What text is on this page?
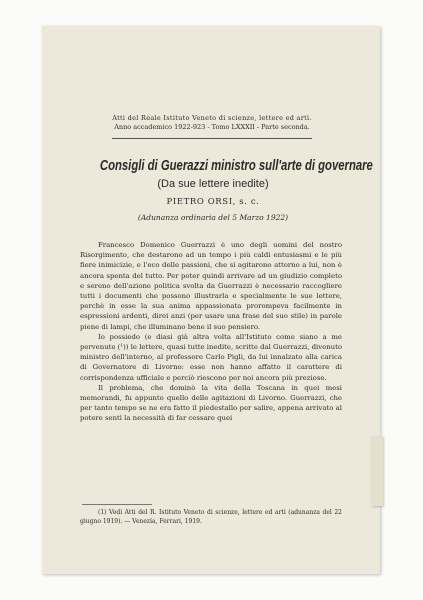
Atti del Reale Istituto Veneto di scienze, lettere ed arti.
Anno accademico 1922-923 - Tomo LXXXII - Parte seconda.
Consigli di Guerazzi ministro sull'arte di governare
(Da sue lettere inedite)
PIETRO ORSI, s. c.
(Adunanza ordinaria del 5 Marzo 1922)

Francesco Domenico Guerrazzi è uno degli uomini del nostro Risorgimento, che destarono ad un tempo i più caldi entusiasmi e le più fiere inimicizie, e l'eco delle passioni, che si agitarono attorno a lui, non è ancora spenta del tutto. Per poter quindi arrivare ad un giudizio completo e sereno dell'azione politica svolta da Guerrazzi è necessario raccogliere tutti i documenti che possono illustrarla e specialmente le sue lettere, perchè in esse la sua anima appassionata prorompeva facilmente in espressioni ardenti, direi anzi (per usare una frase del suo stile) in parole piene di lampi, che illuminano bene il suo pensiero.

Io possiedo (e diasi già altra volta all'Istituto come siano a me pervenute (¹)) le lettere, quasi tutte inedite, scritte dal Guerrazzi, divenuto ministro dell'interno, al professore Carlo Pigli, da lui innalzato alla carica di Governatore di Livorno: esse non hanno affatto il carattere di corrispondenza ufficiale e perciò riescono per noi ancora più preziose.

Il problema, che dominò la vita della Toscana in quei mesi memorandi, fu appunto quello delle agitazioni di Livorno. Guerrazzi, che per tanto tempo se ne era fatto il piedestallo per salire, appena arrivato al potere sentì la necessità di far cessare quei

(1) Vedi Atti del R. Istituto Veneto di scienze, lettere ed arti (adunanza del 22 giugno 1919). — Venezia, Ferrari, 1919.
